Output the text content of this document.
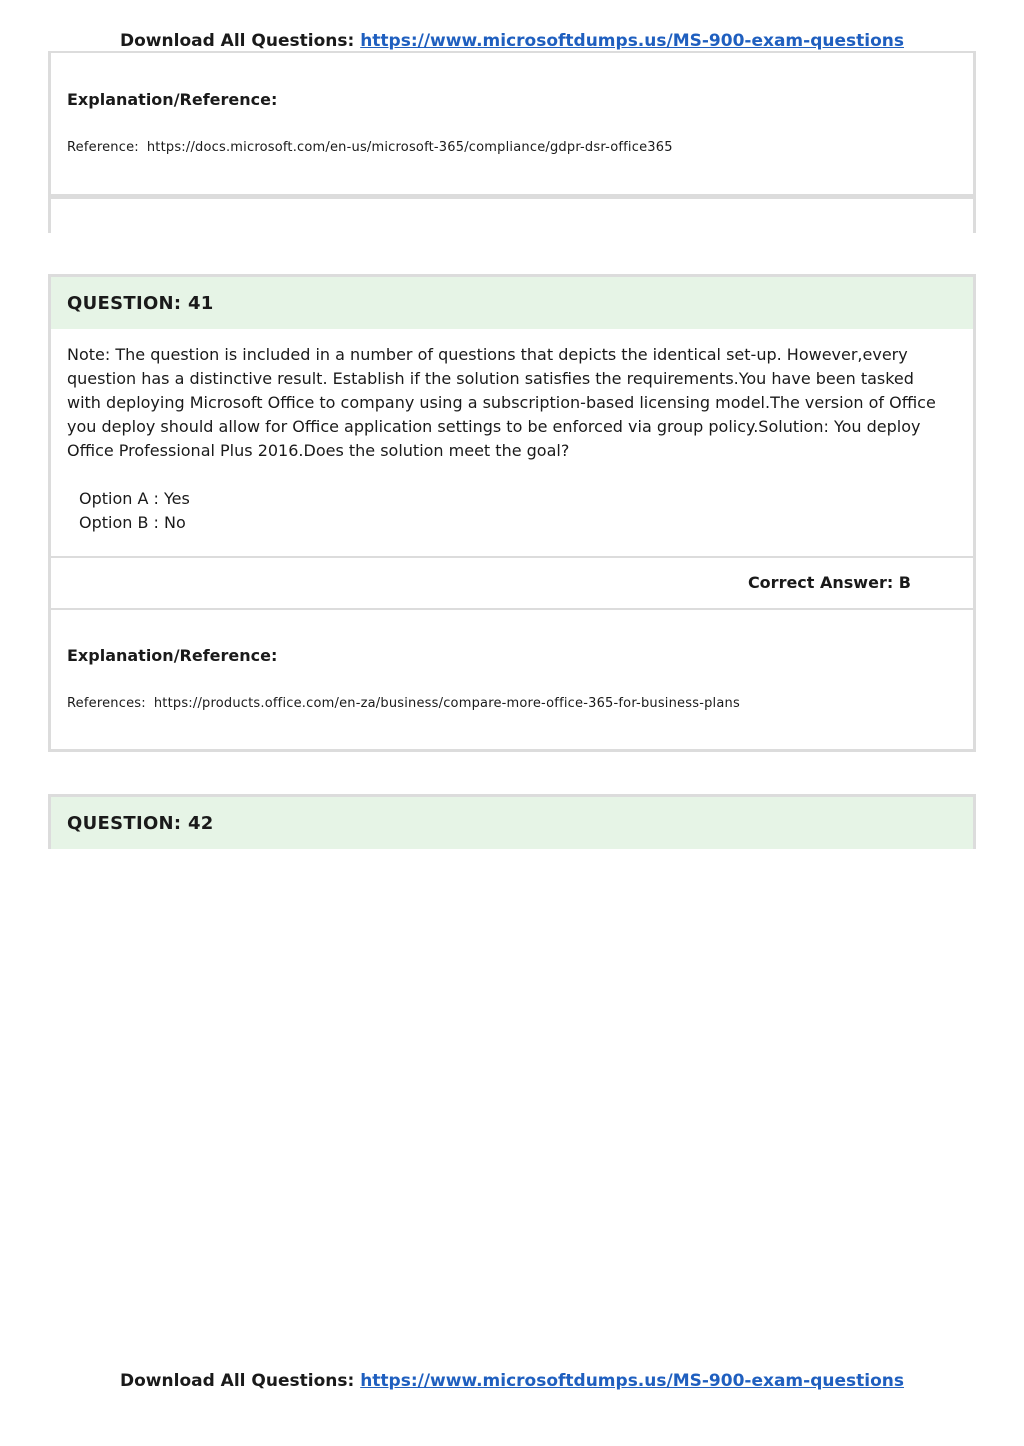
Download All Questions: https://www.microsoftdumps.us/MS-900-exam-questions

Explanation/Reference:

Reference: https://docs.microsoft.com/en-us/microsoft-365/compliance/gdpr-dsr-office365

QUESTION: 41

Note: The question is included in a number of questions that depicts the identical set-up. However,every question has a distinctive result. Establish if the solution satisfies the requirements.You have been tasked with deploying Microsoft Office to company using a subscription-based licensing model.The version of Office you deploy should allow for Office application settings to be enforced via group policy.Solution: You deploy Office Professional Plus 2016.Does the solution meet the goal?

Option A : Yes
Option B : No
Correct Answer: B

Explanation/Reference:

References: https://products.office.com/en-za/business/compare-more-office-365-for-business-plans

QUESTION: 42
Download All Questions: https://www.microsoftdumps.us/MS-900-exam-questions
